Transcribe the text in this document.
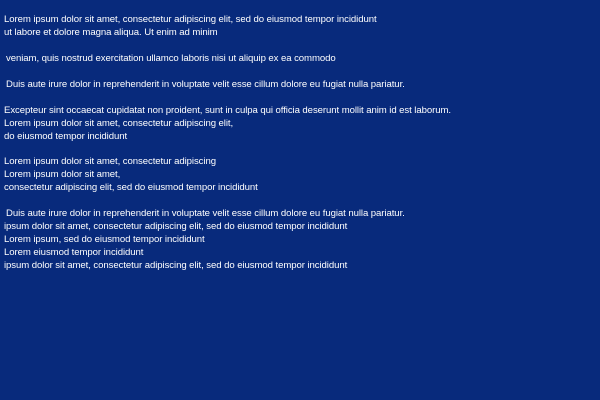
Lorem ipsum dolor sit amet, consectetur adipiscing elit, sed do eiusmod tempor incididunt
ut labore et dolore magna aliqua. Ut enim ad minim
veniam, quis nostrud exercitation ullamco laboris nisi ut aliquip ex ea commodo
Duis aute irure dolor in reprehenderit in voluptate velit esse cillum dolore eu fugiat nulla pariatur.
Excepteur sint occaecat cupidatat non proident, sunt in culpa qui officia deserunt mollit anim id est laborum.
Lorem ipsum dolor sit amet, consectetur adipiscing elit,
do eiusmod tempor incididunt
Lorem ipsum dolor sit amet, consectetur adipiscing
Lorem ipsum dolor sit amet,
consectetur adipiscing elit, sed do eiusmod tempor incididunt
Duis aute irure dolor in reprehenderit in voluptate velit esse cillum dolore eu fugiat nulla pariatur.
ipsum dolor sit amet, consectetur adipiscing elit, sed do eiusmod tempor incididunt
Lorem ipsum, sed do eiusmod tempor incididunt
Lorem eiusmod tempor incididunt
ipsum dolor sit amet, consectetur adipiscing elit, sed do eiusmod tempor incididunt
